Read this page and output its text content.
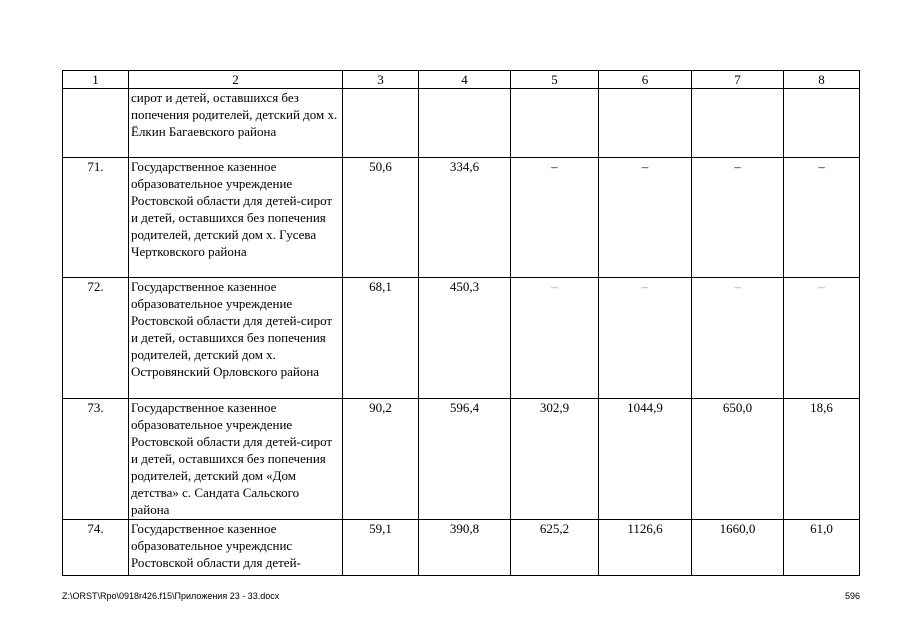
1	2	3	4	5	6	7	8
	сирот и детей, оставшихся без попечения родителей, детский дом х. Ёлкин Багаевского района						
71.	Государственное казенное образовательное учреждение Ростовской области для детей-сирот и детей, оставшихся без попечения родителей, детский дом х. Гусева Чертковского района	50,6	334,6	–	–	–	–
72.	Государственное казенное образовательное учреждение Ростовской области для детей-сирот и детей, оставшихся без попечения родителей, детский дом х. Островянский Орловского района	68,1	450,3	–	–	–	–
73.	Государственное казенное образовательное учреждение Ростовской области для детей-сирот и детей, оставшихся без попечения родителей, детский дом «Дом детства» с. Сандата Сальского района	90,2	596,4	302,9	1044,9	650,0	18,6
74.	Государственное казенное образовательное учреждснис Ростовской области для детей-	59,1	390,8	625,2	1126,6	1660,0	61,0
Z:\ORST\Rpo\0918r426.f15\Приложения 23 - 33.docx	596
